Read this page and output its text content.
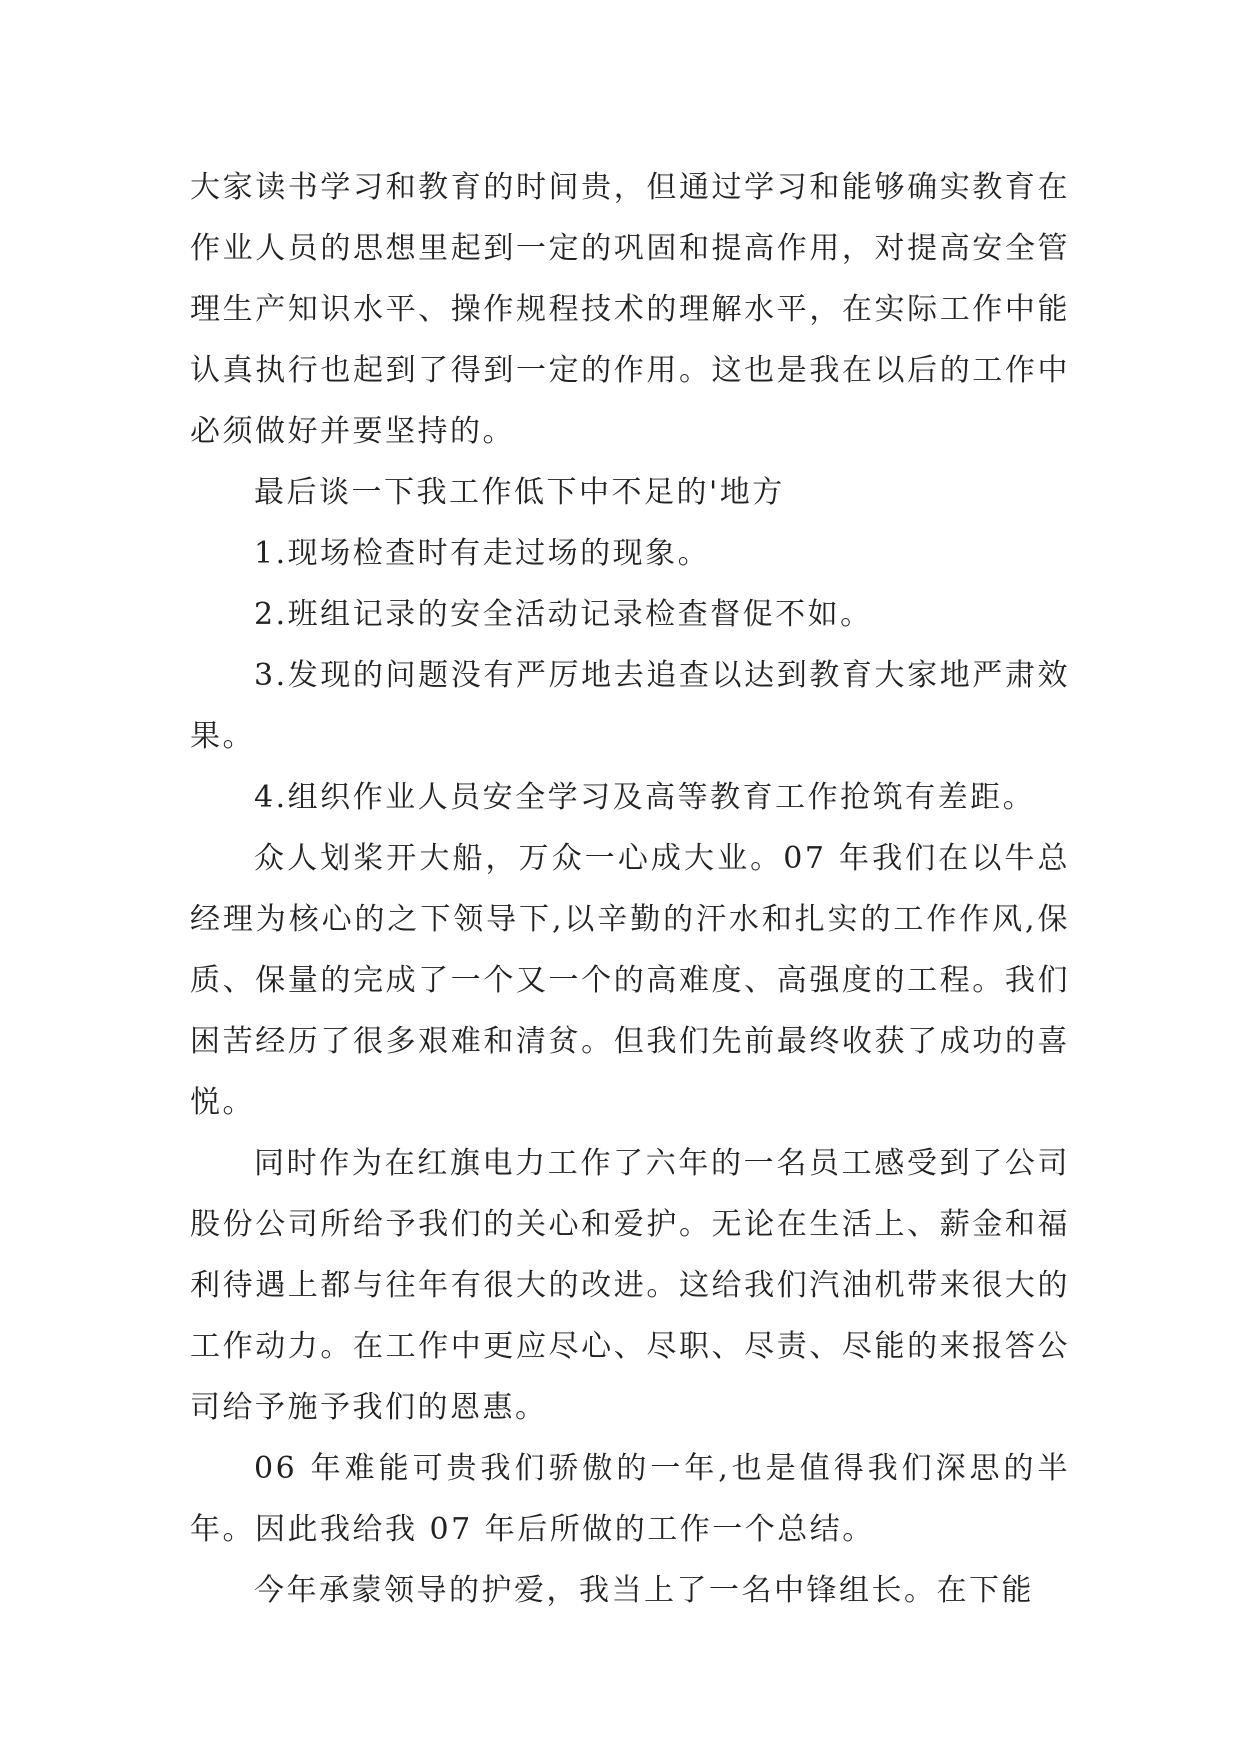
大家读书学习和教育的时间贵，但通过学习和能够确实教育在作业人员的思想里起到一定的巩固和提高作用，对提高安全管理生产知识水平、操作规程技术的理解水平，在实际工作中能认真执行也起到了得到一定的作用。这也是我在以后的工作中必须做好并要坚持的。

最后谈一下我工作低下中不足的'地方

1.现场检查时有走过场的现象。

2.班组记录的安全活动记录检查督促不如。

3.发现的问题没有严厉地去追查以达到教育大家地严肃效果。

4.组织作业人员安全学习及高等教育工作抢筑有差距。

众人划桨开大船，万众一心成大业。07 年我们在以牛总经理为核心的之下领导下,以辛勤的汗水和扎实的工作作风,保质、保量的完成了一个又一个的高难度、高强度的工程。我们困苦经历了很多艰难和清贫。但我们先前最终收获了成功的喜悦。

同时作为在红旗电力工作了六年的一名员工感受到了公司股份公司所给予我们的关心和爱护。无论在生活上、薪金和福利待遇上都与往年有很大的改进。这给我们汽油机带来很大的工作动力。在工作中更应尽心、尽职、尽责、尽能的来报答公司给予施予我们的恩惠。

06 年难能可贵我们骄傲的一年,也是值得我们深思的半年。因此我给我 07 年后所做的工作一个总结。

今年承蒙领导的护爱，我当上了一名中锋组长。在下能
